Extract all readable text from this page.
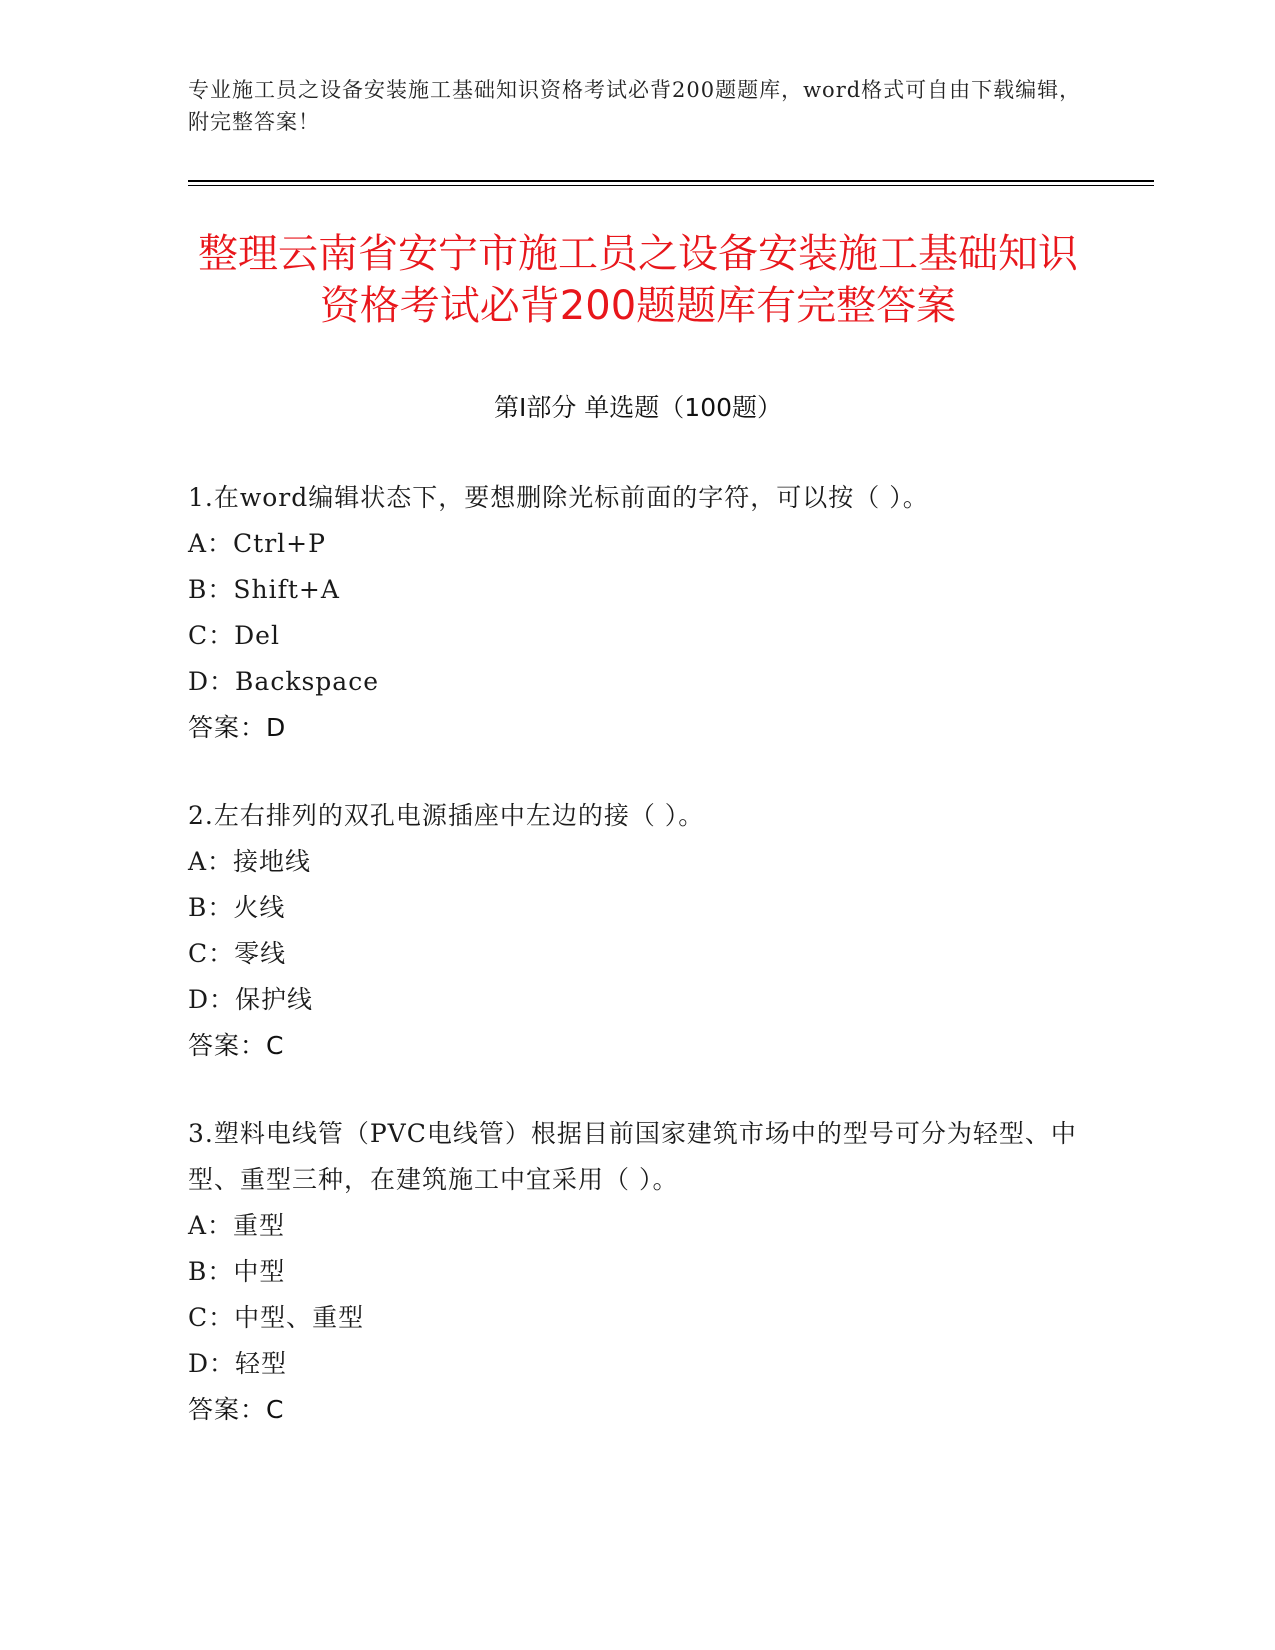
专业施工员之设备安装施工基础知识资格考试必背200题题库，word格式可自由下载编辑，附完整答案！
整理云南省安宁市施工员之设备安装施工基础知识资格考试必背200题题库有完整答案
第I部分 单选题（100题）
1.在word编辑状态下，要想删除光标前面的字符，可以按（ ）。
A：Ctrl+P
B：Shift+A
C：Del
D：Backspace
答案：D
2.左右排列的双孔电源插座中左边的接（ ）。
A：接地线
B：火线
C：零线
D：保护线
答案：C
3.塑料电线管（PVC电线管）根据目前国家建筑市场中的型号可分为轻型、中型、重型三种，在建筑施工中宜采用（ ）。
A：重型
B：中型
C：中型、重型
D：轻型
答案：C
